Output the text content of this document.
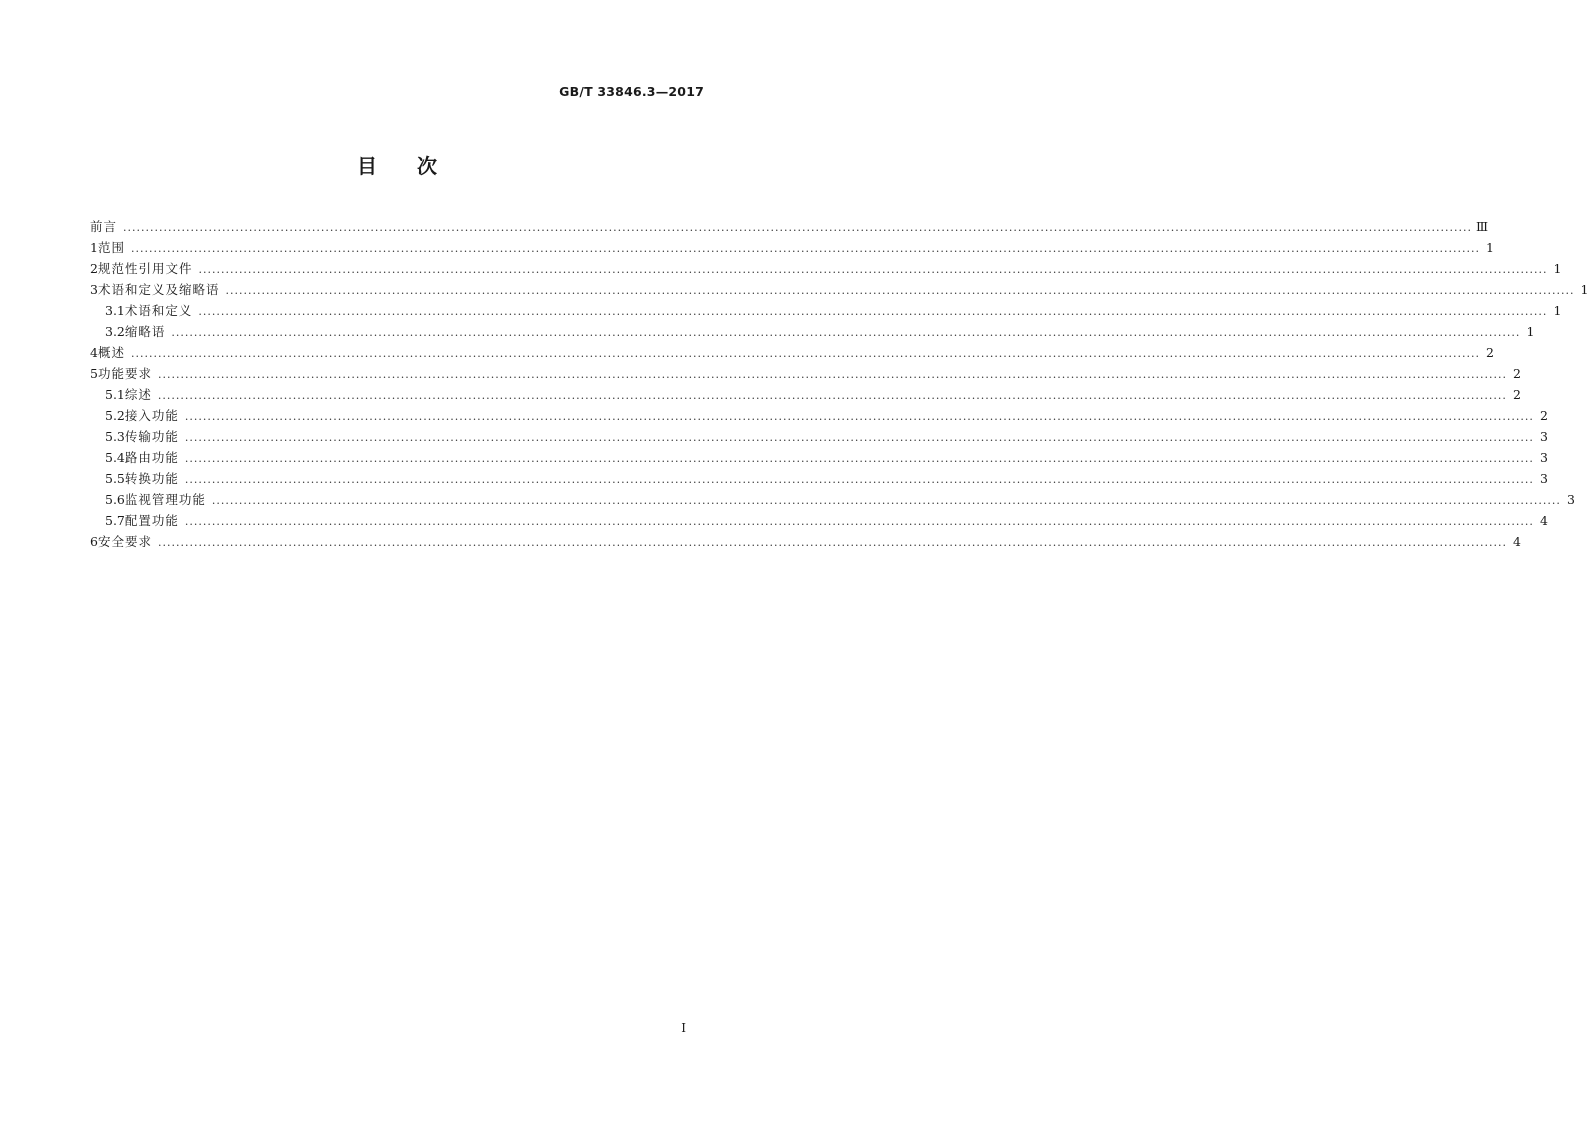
GB/T 33846.3—2017
目次
前言 ............................................................................................................................................................................................................................................................................................................ Ⅲ
1 范围 ............................................................................................................................................................................................................................................................................................................ 1
2 规范性引用文件 ............................................................................................................................................................................................................................................................................................................ 1
3 术语和定义及缩略语 ............................................................................................................................................................................................................................................................................................................ 1
3.1 术语和定义 ............................................................................................................................................................................................................................................................................................................ 1
3.2 缩略语 ............................................................................................................................................................................................................................................................................................................ 1
4 概述 ............................................................................................................................................................................................................................................................................................................ 2
5 功能要求 ............................................................................................................................................................................................................................................................................................................ 2
5.1 综述 ............................................................................................................................................................................................................................................................................................................ 2
5.2 接入功能 ............................................................................................................................................................................................................................................................................................................ 2
5.3 传输功能 ............................................................................................................................................................................................................................................................................................................ 3
5.4 路由功能 ............................................................................................................................................................................................................................................................................................................ 3
5.5 转换功能 ............................................................................................................................................................................................................................................................................................................ 3
5.6 监视管理功能 ............................................................................................................................................................................................................................................................................................................ 3
5.7 配置功能 ............................................................................................................................................................................................................................................................................................................ 4
6 安全要求 ............................................................................................................................................................................................................................................................................................................ 4
I
